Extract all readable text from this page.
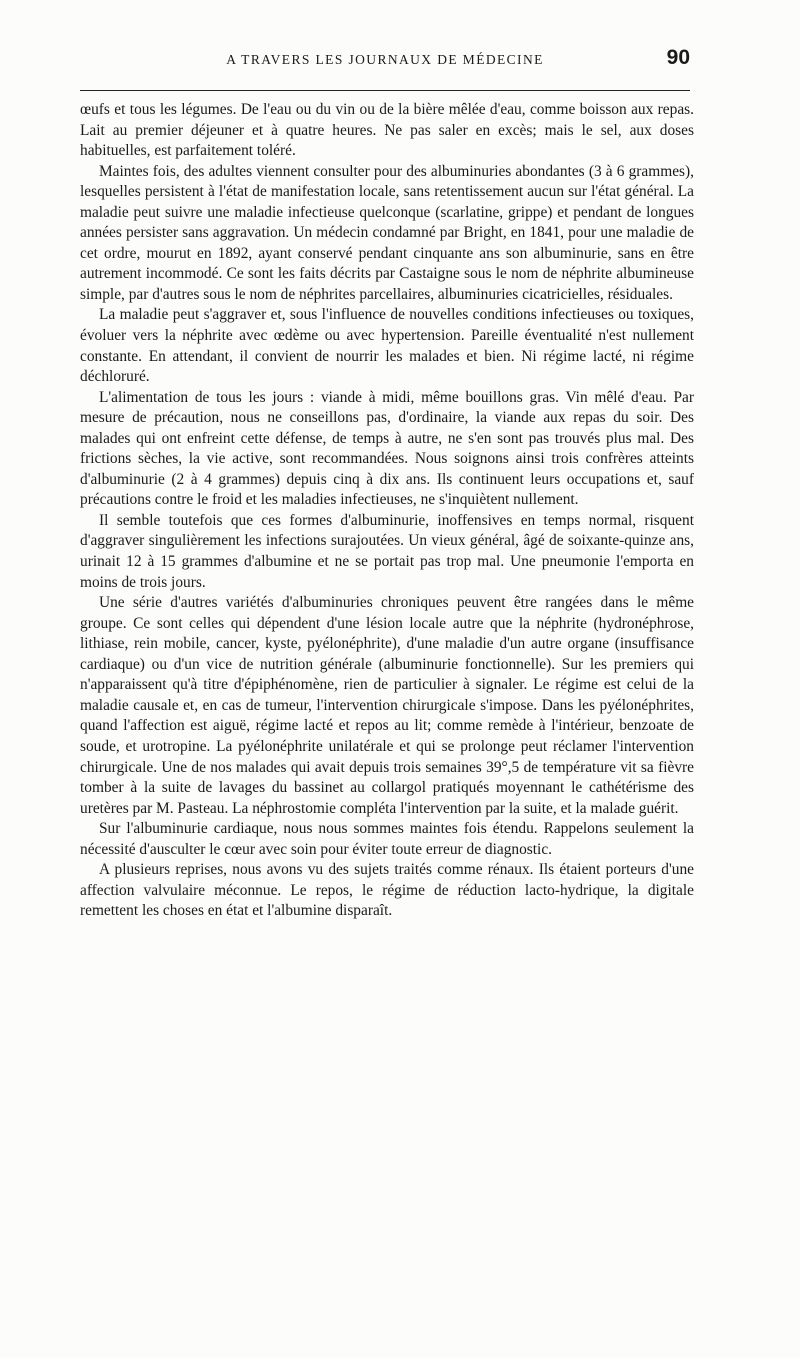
A TRAVERS LES JOURNAUX DE MÉDECINE	90

œufs et tous les légumes. De l'eau ou du vin ou de la bière mêlée d'eau, comme boisson aux repas. Lait au premier déjeuner et à quatre heures. Ne pas saler en excès; mais le sel, aux doses habituelles, est parfaitement toléré.

Maintes fois, des adultes viennent consulter pour des albuminuries abondantes (3 à 6 grammes), lesquelles persistent à l'état de manifestation locale, sans retentissement aucun sur l'état général. La maladie peut suivre une maladie infectieuse quelconque (scarlatine, grippe) et pendant de longues années persister sans aggravation. Un médecin condamné par Bright, en 1841, pour une maladie de cet ordre, mourut en 1892, ayant conservé pendant cinquante ans son albuminurie, sans en être autrement incommodé. Ce sont les faits décrits par Castaigne sous le nom de néphrite albumineuse simple, par d'autres sous le nom de néphrites parcellaires, albuminuries cicatricielles, résiduales.

La maladie peut s'aggraver et, sous l'influence de nouvelles conditions infectieuses ou toxiques, évoluer vers la néphrite avec œdème ou avec hypertension. Pareille éventualité n'est nullement constante. En attendant, il convient de nourrir les malades et bien. Ni régime lacté, ni régime déchloruré.

L'alimentation de tous les jours : viande à midi, même bouillons gras. Vin mêlé d'eau. Par mesure de précaution, nous ne conseillons pas, d'ordinaire, la viande aux repas du soir. Des malades qui ont enfreint cette défense, de temps à autre, ne s'en sont pas trouvés plus mal. Des frictions sèches, la vie active, sont recommandées. Nous soignons ainsi trois confrères atteints d'albuminurie (2 à 4 grammes) depuis cinq à dix ans. Ils continuent leurs occupations et, sauf précautions contre le froid et les maladies infectieuses, ne s'inquiètent nullement.

Il semble toutefois que ces formes d'albuminurie, inoffensives en temps normal, risquent d'aggraver singulièrement les infections surajoutées. Un vieux général, âgé de soixante-quinze ans, urinait 12 à 15 grammes d'albumine et ne se portait pas trop mal. Une pneumonie l'emporta en moins de trois jours.

Une série d'autres variétés d'albuminuries chroniques peuvent être rangées dans le même groupe. Ce sont celles qui dépendent d'une lésion locale autre que la néphrite (hydronéphrose, lithiase, rein mobile, cancer, kyste, pyélonéphrite), d'une maladie d'un autre organe (insuffisance cardiaque) ou d'un vice de nutrition générale (albuminurie fonctionnelle). Sur les premiers qui n'apparaissent qu'à titre d'épiphénomène, rien de particulier à signaler. Le régime est celui de la maladie causale et, en cas de tumeur, l'intervention chirurgicale s'impose. Dans les pyélonéphrites, quand l'affection est aiguë, régime lacté et repos au lit; comme remède à l'intérieur, benzoate de soude, et urotropine. La pyélonéphrite unilatérale et qui se prolonge peut réclamer l'intervention chirurgicale. Une de nos malades qui avait depuis trois semaines 39°,5 de température vit sa fièvre tomber à la suite de lavages du bassinet au collargol pratiqués moyennant le cathétérisme des uretères par M. Pasteau. La néphrostomie compléta l'intervention par la suite, et la malade guérit.

Sur l'albuminurie cardiaque, nous nous sommes maintes fois étendu. Rappelons seulement la nécessité d'ausculter le cœur avec soin pour éviter toute erreur de diagnostic.

A plusieurs reprises, nous avons vu des sujets traités comme rénaux. Ils étaient porteurs d'une affection valvulaire méconnue. Le repos, le régime de réduction lacto-hydrique, la digitale remettent les choses en état et l'albumine disparaît.
